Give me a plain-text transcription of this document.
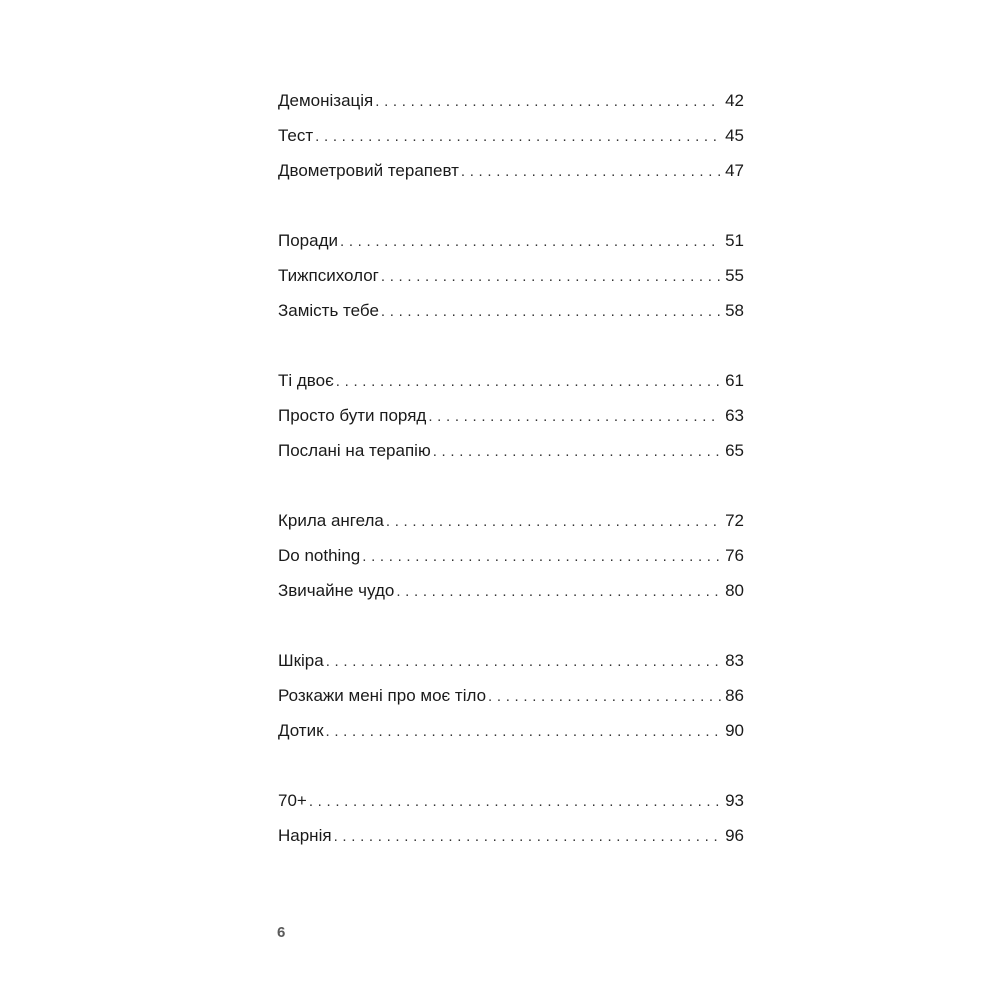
Демонізація . . .	42
Тест . . .	45
Двометровий терапевт . . .	47
Поради . . .	51
Тижпсихолог . . .	55
Замість тебе . . .	58
Ті двоє . . .	61
Просто бути поряд . . .	63
Послані на терапію . . .	65
Крила ангела . . .	72
Do nothing . . .	76
Звичайне чудо . . .	80
Шкіра . . .	83
Розкажи мені про моє тіло . . .	86
Дотик . . .	90
70+ . . .	93
Нарнія . . .	96
6
